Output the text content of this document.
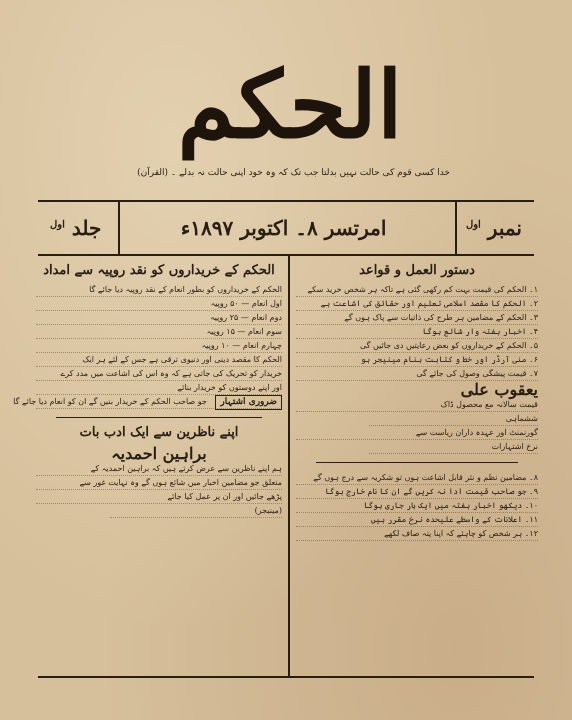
الحکم
خدا کسی قوم کی حالت نہیں بدلتا جب تک کہ وہ خود اپنی حالت نہ بدلے ۔ (القرآن)
نمبر $^{اول}$
امرتسر ۸۔ اکتوبر ۱۸۹۷ء
جلد $^{اول}$
دستور العمل و قواعد
۱۔ الحکم کی قیمت بہت کم رکھی گئی ہے تاکہ ہر شخص خرید سکے
۲۔ الحکم کا مقصد اسلامی تعلیم اور حقائق کی اشاعت ہے
۳۔ الحکم کے مضامین ہر طرح کی ذاتیات سے پاک ہوں گے
۴۔ اخبار ہفتہ وار شائع ہوگا
۵۔ الحکم کے خریداروں کو بعض رعایتیں دی جائیں گی
۶۔ منی آرڈر اور خط و کتابت بنام مینیجر ہو
۷۔ قیمت پیشگی وصول کی جائے گی
یعقوب علی
قیمت سالانہ مع محصول ڈاک
ششماہی
گورنمنٹ اور عہدہ داران ریاست سے
نرخ اشتہارات
۸۔ مضامین نظم و نثر قابل اشاعت ہوں تو شکریہ سے درج ہوں گے
۹۔ جو صاحب قیمت ادا نہ کریں گے ان کا نام خارج ہوگا
۱۰۔ دیکھو اخبار ہفتہ میں ایک بار جاری ہوگا
۱۱۔ اعلانات کے واسطے علیحدہ نرخ مقرر ہیں
۱۲۔ ہر شخص کو چاہئے کہ اپنا پتہ صاف لکھے
الحکم کے خریداروں کو نقد روپیہ سے امداد
الحکم کے خریداروں کو بطور انعام کے نقد روپیہ دیا جائے گا
اول انعام — ۵۰ روپیہ
دوم انعام — ۲۵ روپیہ
سوم انعام — ۱۵ روپیہ
چہارم انعام — ۱۰ روپیہ
الحکم کا مقصد دینی اور دنیوی ترقی ہے جس کے لئے ہر ایک
خریدار کو تحریک کی جاتی ہے کہ وہ اس کی اشاعت میں مدد کرے
اور اپنے دوستوں کو خریدار بنائے
ضروری اشتہار جو صاحب الحکم کے خریدار بنیں گے ان کو انعام دیا جائے گا
اپنے ناظرین سے ایک ادب بات
براہین احمدیہ
ہم اپنے ناظرین سے عرض کرتے ہیں کہ براہین احمدیہ کے
متعلق جو مضامین اخبار میں شائع ہوں گے وہ نہایت غور سے
پڑھے جائیں اور ان پر عمل کیا جائے
(مینیجر)
